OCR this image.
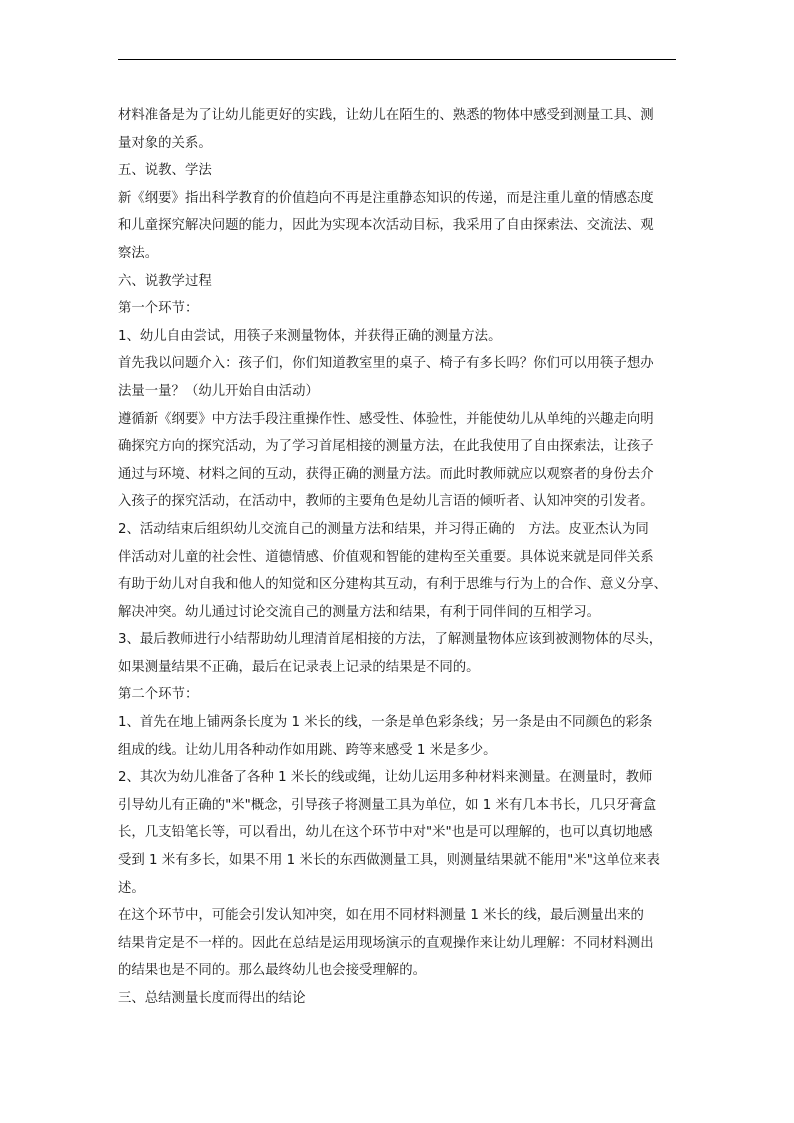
材料准备是为了让幼儿能更好的实践，让幼儿在陌生的、熟悉的物体中感受到测量工具、测
量对象的关系。
五、说教、学法
新《纲要》指出科学教育的价值趋向不再是注重静态知识的传递，而是注重儿童的情感态度
和儿童探究解决问题的能力，因此为实现本次活动目标，我采用了自由探索法、交流法、观
察法。
六、说教学过程
第一个环节：
1、幼儿自由尝试，用筷子来测量物体，并获得正确的测量方法。
首先我以问题介入：孩子们，你们知道教室里的桌子、椅子有多长吗？你们可以用筷子想办
法量一量？（幼儿开始自由活动）
遵循新《纲要》中方法手段注重操作性、感受性、体验性，并能使幼儿从单纯的兴趣走向明
确探究方向的探究活动，为了学习首尾相接的测量方法，在此我使用了自由探索法，让孩子
通过与环境、材料之间的互动，获得正确的测量方法。而此时教师就应以观察者的身份去介
入孩子的探究活动，在活动中，教师的主要角色是幼儿言语的倾听者、认知冲突的引发者。
2、活动结束后组织幼儿交流自己的测量方法和结果，并习得正确的　方法。皮亚杰认为同
伴活动对儿童的社会性、道德情感、价值观和智能的建构至关重要。具体说来就是同伴关系
有助于幼儿对自我和他人的知觉和区分建构其互动，有利于思维与行为上的合作、意义分享、
解决冲突。幼儿通过讨论交流自己的测量方法和结果，有利于同伴间的互相学习。
3、最后教师进行小结帮助幼儿理清首尾相接的方法，了解测量物体应该到被测物体的尽头，
如果测量结果不正确，最后在记录表上记录的结果是不同的。
第二个环节：
1、首先在地上铺两条长度为 1 米长的线，一条是单色彩条线；另一条是由不同颜色的彩条
组成的线。让幼儿用各种动作如用跳、跨等来感受 1 米是多少。
2、其次为幼儿准备了各种 1 米长的线或绳，让幼儿运用多种材料来测量。在测量时，教师
引导幼儿有正确的"米"概念，引导孩子将测量工具为单位，如 1 米有几本书长，几只牙膏盒
长，几支铅笔长等，可以看出，幼儿在这个环节中对"米"也是可以理解的，也可以真切地感
受到 1 米有多长，如果不用 1 米长的东西做测量工具，则测量结果就不能用"米"这单位来表
述。
在这个环节中，可能会引发认知冲突，如在用不同材料测量 1 米长的线，最后测量出来的
结果肯定是不一样的。因此在总结是运用现场演示的直观操作来让幼儿理解：不同材料测出
的结果也是不同的。那么最终幼儿也会接受理解的。
三、总结测量长度而得出的结论
